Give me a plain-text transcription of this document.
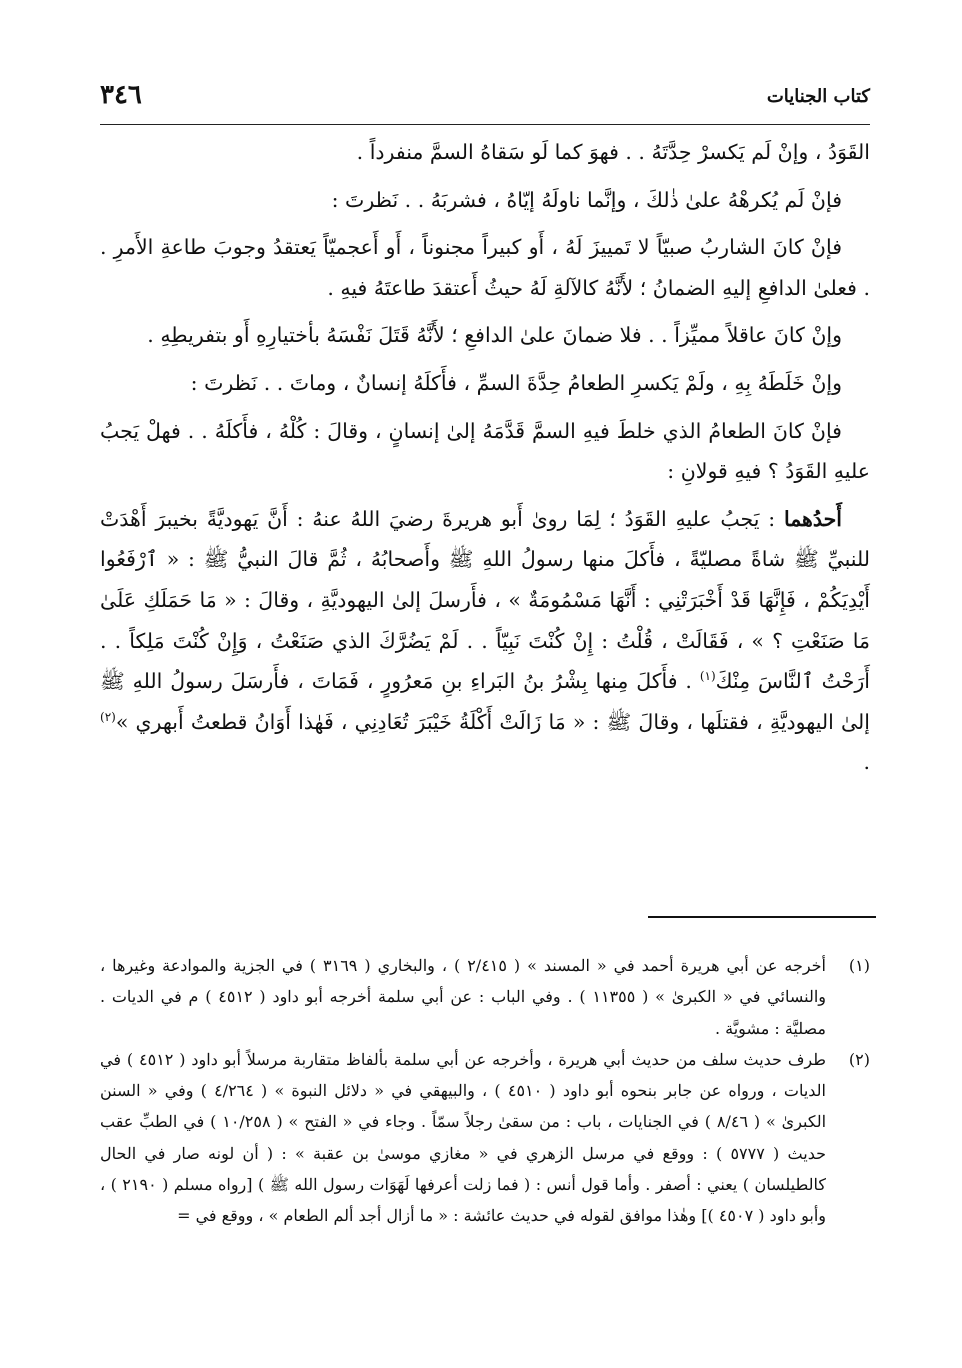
كتاب الجنايات
٣٤٦

القَوَدُ ، وإنْ لَم يَكسرْ حِدَّتَهُ . . فهوَ كما لَو سَقاهُ السمَّ منفرداً .

فإنْ لَم يُكرهْهُ علىٰ ذٰلكَ ، وإنَّما ناولَهُ إيّاهُ ، فشربَهُ . . نَظرتَ :

فإنْ كانَ الشاربُ صبيّاً لا تَمييزَ لَهُ ، أَو كبيراً مجنوناً ، أَو أَعجميّاً يَعتقدُ وجوبَ طاعةِ الأَمرِ . . فعلىٰ الدافعِ إليهِ الضمانُ ؛ لأَنَّهُ كالآلةِ لَهُ حيثُ أَعتقدَ طاعتَهُ فيهِ .

وإنْ كانَ عاقلاً مميِّزاً . . فلا ضمانَ علىٰ الدافعِ ؛ لأَنَّهُ قَتَلَ نَفْسَهُ بأختيارِهِ أَو بتفريطِهِ .

وإنْ خَلَطَهُ بِهِ ، ولَمْ يَكسرِ الطعامُ حِدَّةَ السمِّ ، فأَكلَهُ إنسانٌ ، وماتَ . . نَظرتَ :

فإنْ كانَ الطعامُ الذي خلطَ فيهِ السمَّ قَدَّمَهُ إلىٰ إنسانٍ ، وقالَ : كُلْهُ ، فأَكلَهُ . . فهلْ يَجبُ عليهِ القَوَدُ ؟ فيهِ قولانِ :

أَحدُهما : يَجبُ عليهِ القَوَدُ ؛ لِمَا روىٰ أَبو هريرةَ رضيَ اللهُ عنهُ : أَنَّ يَهوديَّةً بخيبرَ أَهْدَتْ للنبيِّ ﷺ شاةً مصليّةً ، فأَكلَ منها رسولُ اللهِ ﷺ وأَصحابُهُ ، ثُمَّ قالَ النبيُّ ﷺ : « ٱرْفَعُوا أَيْدِيَكُمْ ، فَإِنَّهَا قَدْ أَخْبَرَتْنِي : أَنَّهَا مَسْمُومَةٌ » ، فأَرسلَ إلىٰ اليهوديَّةِ ، وقالَ : « مَا حَمَلَكِ عَلَىٰ مَا صَنَعْتِ ؟ » ، فَقَالَتْ ، قُلْتُ : إِنْ كُنْتَ نَبِيّاً . . لَمْ يَضُرَّكَ الذي صَنَعْتُ ، وَإِنْ كُنْتَ مَلِكاً . . أَرَحْتُ ٱلنَّاسَ مِنْكَ$^{(١)}$ . فأَكلَ مِنها بِشْرُ بنُ البَراءِ بنِ مَعرُورٍ ، فَمَاتَ ، فأَرسَلَ رسولُ اللهِ ﷺ إلىٰ اليهوديَّةِ ، فقتلَها ، وقالَ ﷺ : « مَا زَالَتْ أَكْلَةُ خَيْبَرَ تُعَادِنِي ، فَهٰذا أَوَانُ قطعتُ أَبهري »$^{(٢)}$ .

(١)
أخرجه عن أبي هريرة أحمد في « المسند » ( ٢/٤١٥ ) ، والبخاري ( ٣١٦٩ ) في الجزية والموادعة وغيرها ، والنسائي في « الكبرىٰ » ( ١١٣٥٥ ) . وفي الباب : عن أبي سلمة أخرجه أبو داود ( ٤٥١٢ ) م في الديات . مصليَّة : مشويَّة .
(٢)
طرف حديث سلف من حديث أبي هريرة ، وأخرجه عن أبي سلمة بألفاظ متقاربة مرسلاً أبو داود ( ٤٥١٢ ) في الديات ، ورواه عن جابر بنحوه أبو داود ( ٤٥١٠ ) ، والبيهقي في « دلائل النبوة » ( ٤/٢٦٤ ) وفي « السنن الكبرىٰ » ( ٨/٤٦ ) في الجنايات ، باب : من سقىٰ رجلاً سمّاً . وجاء في « الفتح » ( ١٠/٢٥٨ ) في الطبِّ عقب حديث ( ٥٧٧٧ ) : ووقع في مرسل الزهري في « مغازي موسىٰ بن عقبة » : ( أن لونه صار في الحال كالطيلسان ) يعني : أصفر . وأما قول أنس : ( فما زلت أعرفها لَهَوَات رسول الله ﷺ ) [رواه مسلم ( ٢١٩٠ ) ، وأبو داود ( ٤٥٠٧ )] وهٰذا موافق لقوله في حديث عائشة : « ما أزال أجد ألم الطعام » ، ووقع في =
